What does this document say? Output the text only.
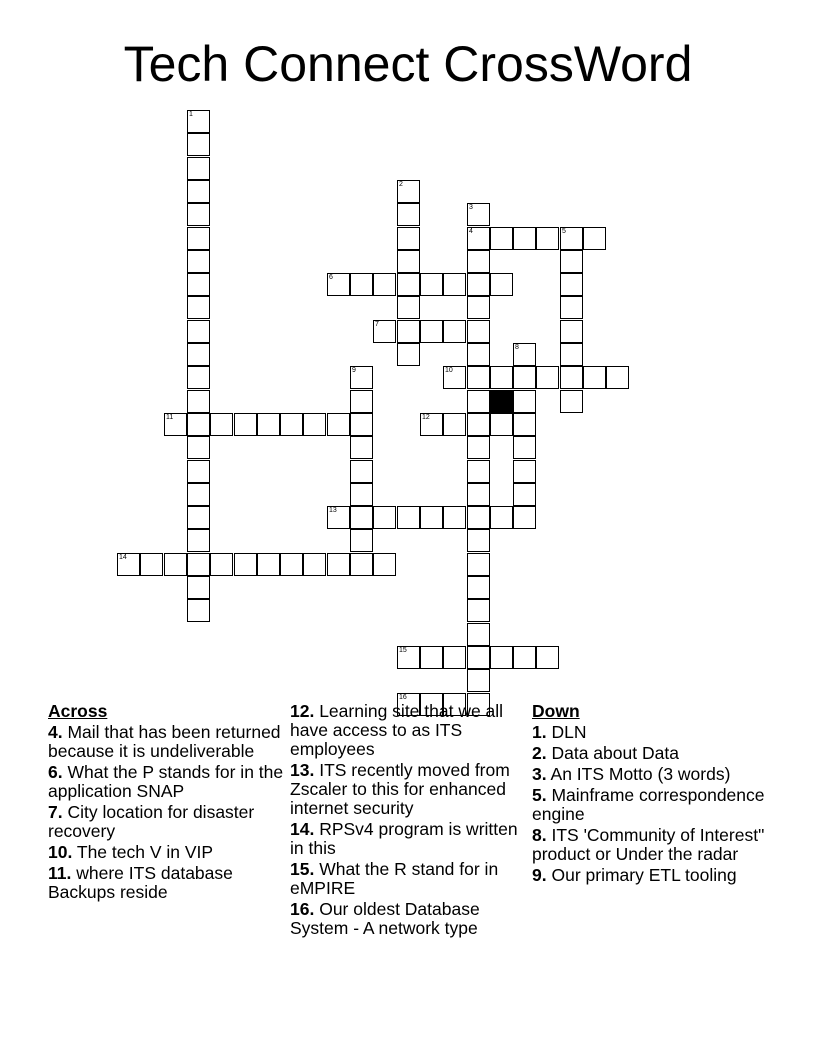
Tech Connect CrossWord
1
2
3
4	5
6
7
8
9	10
11	12
13
14
15
16
Across
4. Mail that has been returned because it is undeliverable
6. What the P stands for in the application SNAP
7. City location for disaster recovery
10. The tech V in VIP
11. where ITS database Backups reside
12. Learning site that we all have access to as ITS employees
13. ITS recently moved from Zscaler to this for enhanced internet security
14. RPSv4 program is written in this
15. What the R stand for in eMPIRE
16. Our oldest Database System - A network type
Down
1. DLN
2. Data about Data
3. An ITS Motto (3 words)
5. Mainframe correspondence engine
8. ITS 'Community of Interest" product or Under the radar
9. Our primary ETL tooling
